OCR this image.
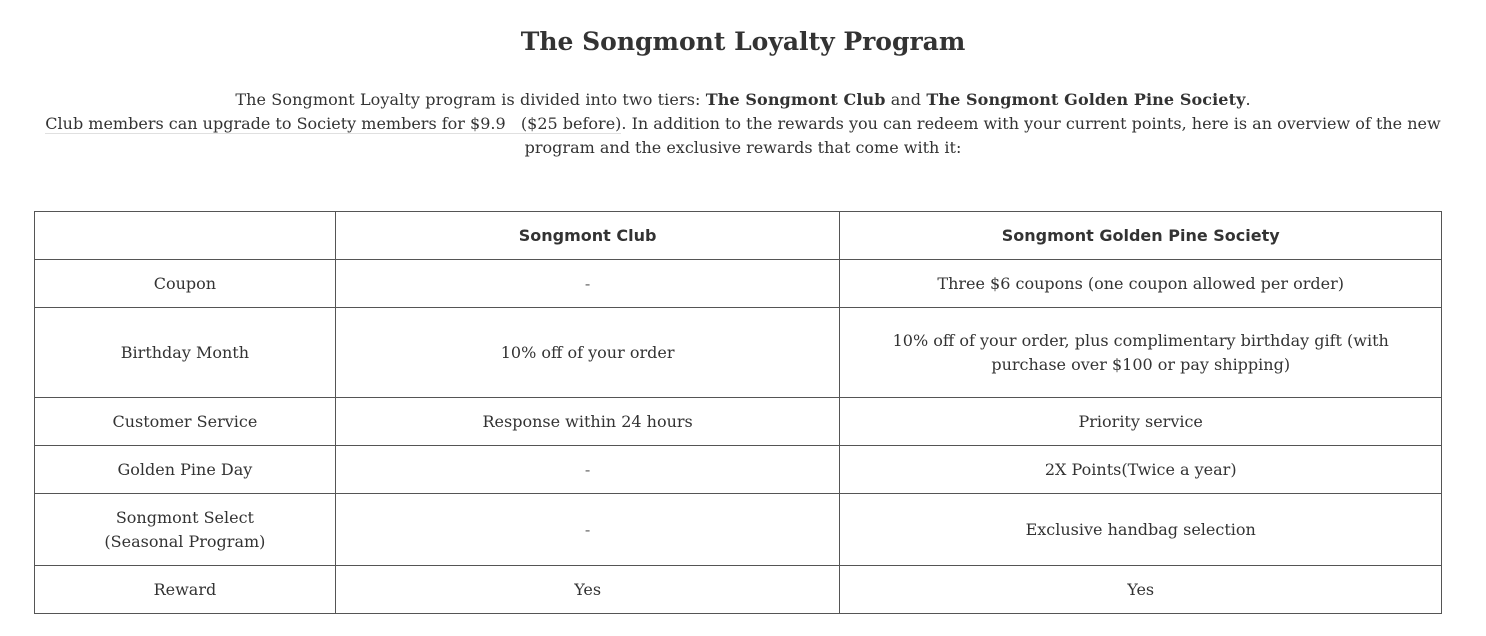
The Songmont Loyalty Program
The Songmont Loyalty program is divided into two tiers: The Songmont Club and The Songmont Golden Pine Society.
Club members can upgrade to Society members for $9.9   ($25 before). In addition to the rewards you can redeem with your current points, here is an overview of the new program and the exclusive rewards that come with it:
	Songmont Club	Songmont Golden Pine Society
Coupon	-	Three $6 coupons (one coupon allowed per order)
Birthday Month	10% off of your order	10% off of your order, plus complimentary birthday gift (with purchase over $100 or pay shipping)
Customer Service	Response within 24 hours	Priority service
Golden Pine Day	-	2X Points(Twice a year)
Songmont Select
(Seasonal Program)	-	Exclusive handbag selection
Reward	Yes	Yes
